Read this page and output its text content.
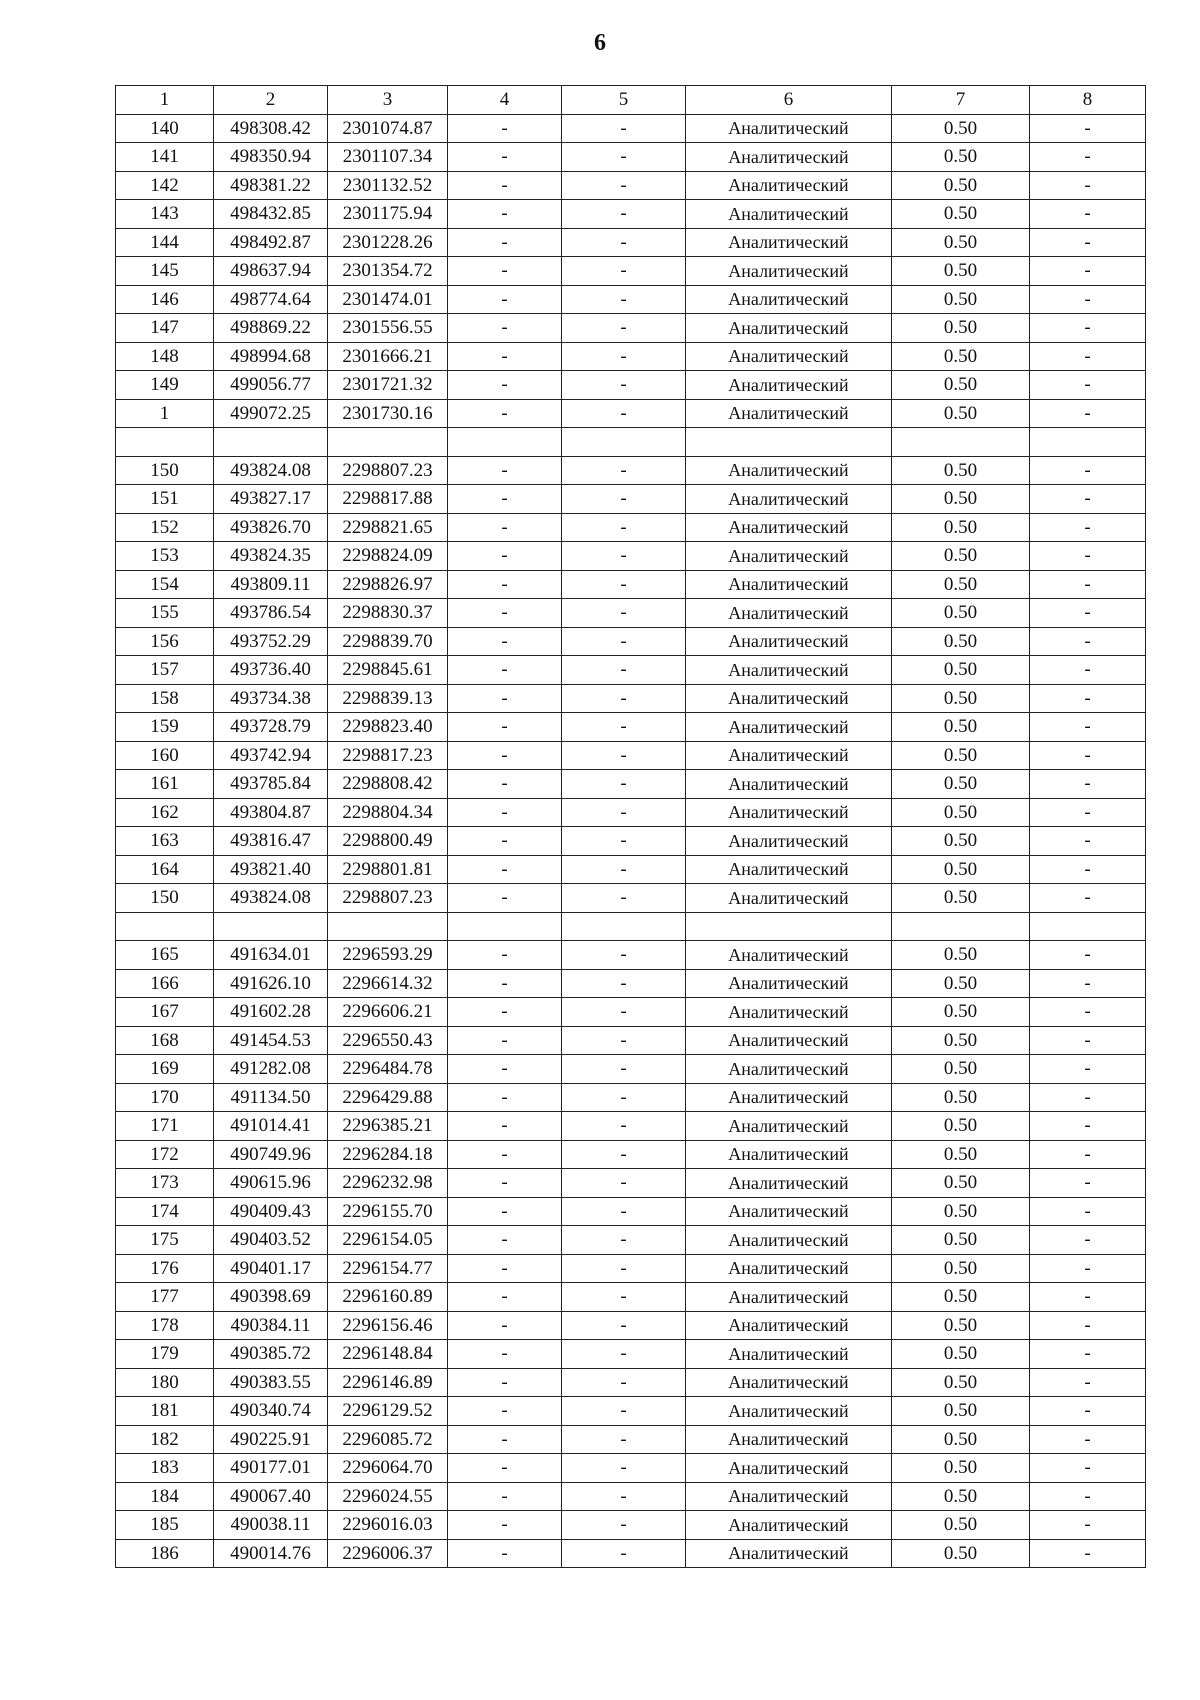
6
1	2	3	4	5	6	7	8
140	498308.42	2301074.87	-	-	Аналитический	0.50	-
141	498350.94	2301107.34	-	-	Аналитический	0.50	-
142	498381.22	2301132.52	-	-	Аналитический	0.50	-
143	498432.85	2301175.94	-	-	Аналитический	0.50	-
144	498492.87	2301228.26	-	-	Аналитический	0.50	-
145	498637.94	2301354.72	-	-	Аналитический	0.50	-
146	498774.64	2301474.01	-	-	Аналитический	0.50	-
147	498869.22	2301556.55	-	-	Аналитический	0.50	-
148	498994.68	2301666.21	-	-	Аналитический	0.50	-
149	499056.77	2301721.32	-	-	Аналитический	0.50	-
1	499072.25	2301730.16	-	-	Аналитический	0.50	-

150	493824.08	2298807.23	-	-	Аналитический	0.50	-
151	493827.17	2298817.88	-	-	Аналитический	0.50	-
152	493826.70	2298821.65	-	-	Аналитический	0.50	-
153	493824.35	2298824.09	-	-	Аналитический	0.50	-
154	493809.11	2298826.97	-	-	Аналитический	0.50	-
155	493786.54	2298830.37	-	-	Аналитический	0.50	-
156	493752.29	2298839.70	-	-	Аналитический	0.50	-
157	493736.40	2298845.61	-	-	Аналитический	0.50	-
158	493734.38	2298839.13	-	-	Аналитический	0.50	-
159	493728.79	2298823.40	-	-	Аналитический	0.50	-
160	493742.94	2298817.23	-	-	Аналитический	0.50	-
161	493785.84	2298808.42	-	-	Аналитический	0.50	-
162	493804.87	2298804.34	-	-	Аналитический	0.50	-
163	493816.47	2298800.49	-	-	Аналитический	0.50	-
164	493821.40	2298801.81	-	-	Аналитический	0.50	-
150	493824.08	2298807.23	-	-	Аналитический	0.50	-

165	491634.01	2296593.29	-	-	Аналитический	0.50	-
166	491626.10	2296614.32	-	-	Аналитический	0.50	-
167	491602.28	2296606.21	-	-	Аналитический	0.50	-
168	491454.53	2296550.43	-	-	Аналитический	0.50	-
169	491282.08	2296484.78	-	-	Аналитический	0.50	-
170	491134.50	2296429.88	-	-	Аналитический	0.50	-
171	491014.41	2296385.21	-	-	Аналитический	0.50	-
172	490749.96	2296284.18	-	-	Аналитический	0.50	-
173	490615.96	2296232.98	-	-	Аналитический	0.50	-
174	490409.43	2296155.70	-	-	Аналитический	0.50	-
175	490403.52	2296154.05	-	-	Аналитический	0.50	-
176	490401.17	2296154.77	-	-	Аналитический	0.50	-
177	490398.69	2296160.89	-	-	Аналитический	0.50	-
178	490384.11	2296156.46	-	-	Аналитический	0.50	-
179	490385.72	2296148.84	-	-	Аналитический	0.50	-
180	490383.55	2296146.89	-	-	Аналитический	0.50	-
181	490340.74	2296129.52	-	-	Аналитический	0.50	-
182	490225.91	2296085.72	-	-	Аналитический	0.50	-
183	490177.01	2296064.70	-	-	Аналитический	0.50	-
184	490067.40	2296024.55	-	-	Аналитический	0.50	-
185	490038.11	2296016.03	-	-	Аналитический	0.50	-
186	490014.76	2296006.37	-	-	Аналитический	0.50	-
